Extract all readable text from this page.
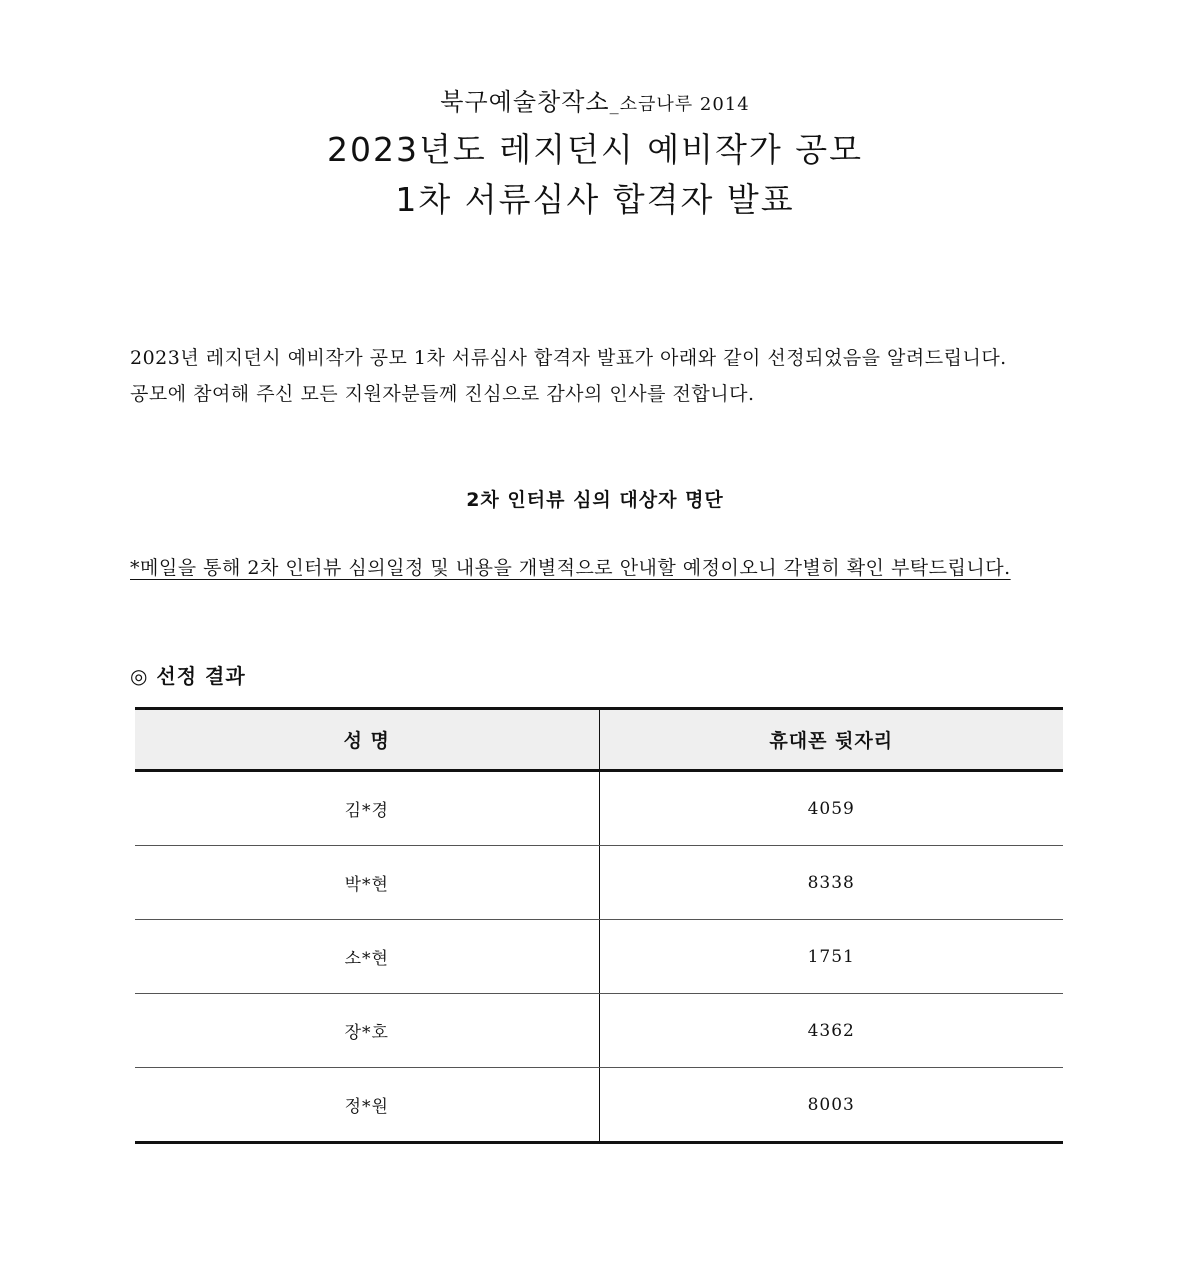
북구예술창작소_소금나루 2014
2023년도 레지던시 예비작가 공모
1차 서류심사 합격자 발표

2023년 레지던시 예비작가 공모 1차 서류심사 합격자 발표가 아래와 같이 선정되었음을 알려드립니다.

공모에 참여해 주신 모든 지원자분들께 진심으로 감사의 인사를 전합니다.

2차 인터뷰 심의 대상자 명단
*메일을 통해 2차 인터뷰 심의일정 및 내용을 개별적으로 안내할 예정이오니 각별히 확인 부탁드립니다.
◎ 선정 결과
성 명	휴대폰 뒷자리
김*경	4059
박*현	8338
소*현	1751
장*호	4362
정*원	8003
